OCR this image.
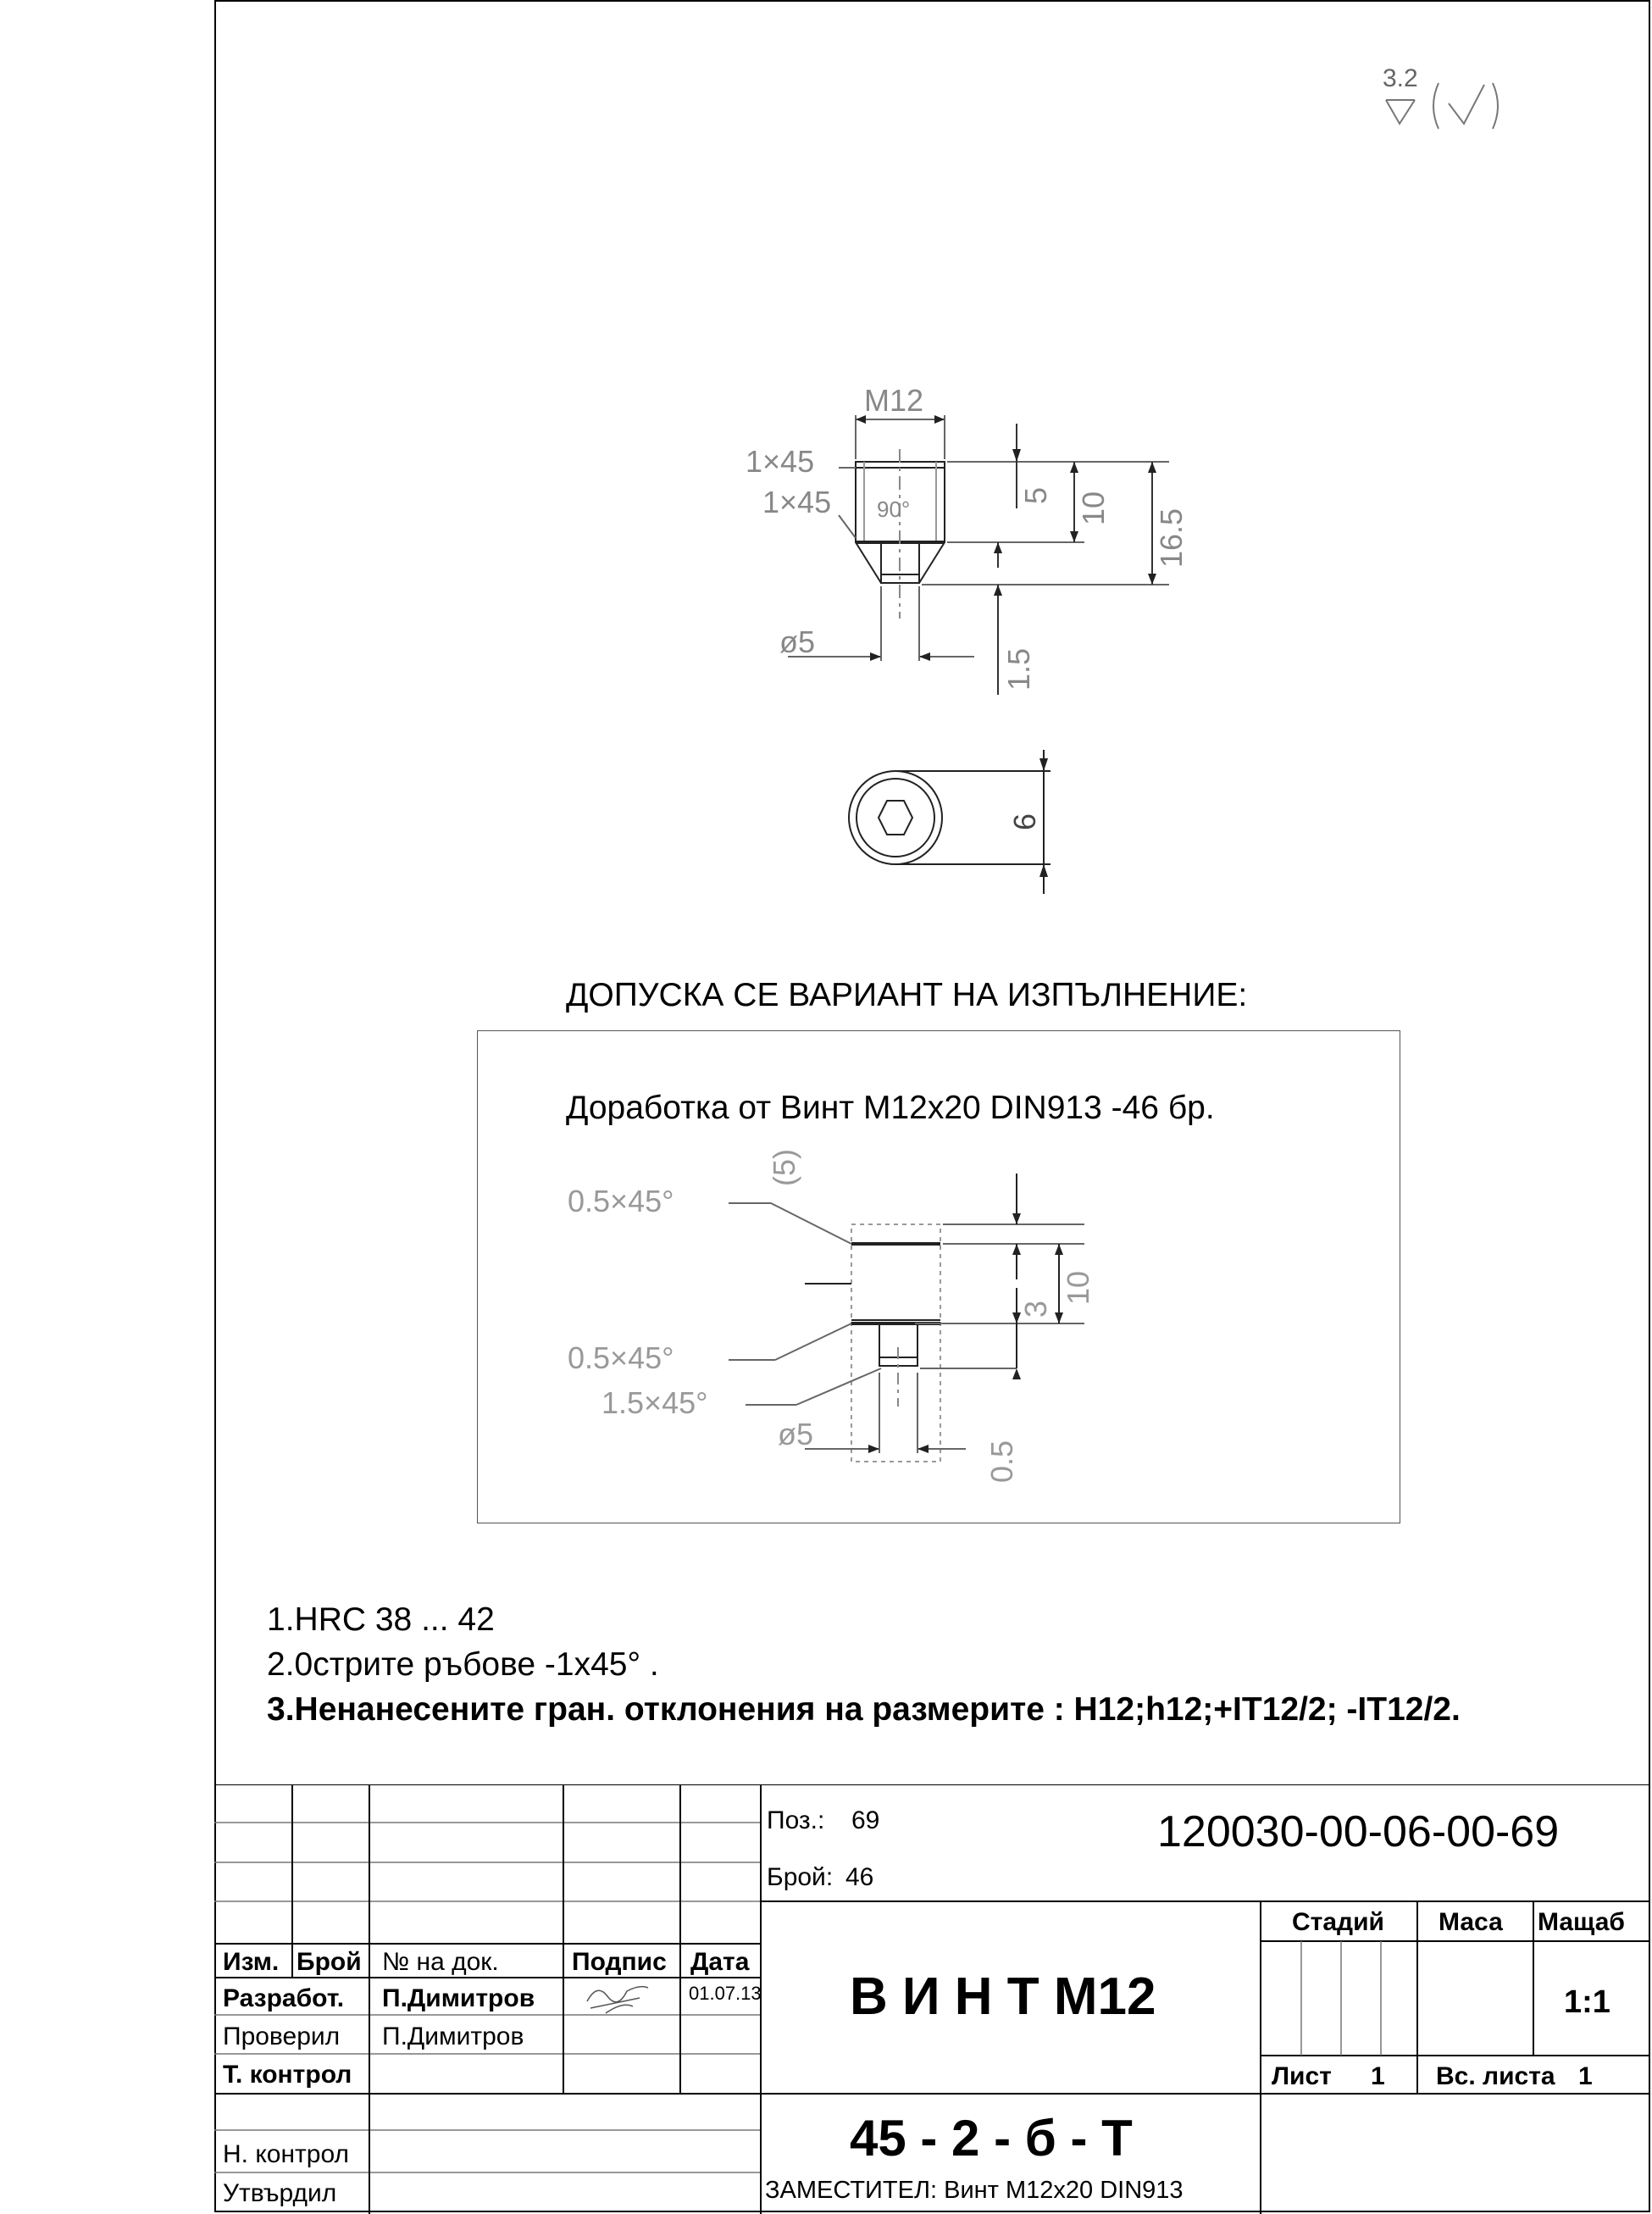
3.2
M12
1×45
1×45 90°
ø5
5 10 16.5
1.5
6
ДОПУСКА СЕ ВАРИАНТ НА ИЗПЪЛНЕНИЕ:
Доработка от Винт M12x20 DIN913 -46 бр.
0.5×45°
0.5×45°
1.5×45°
ø5
(5)
3
10
0.5
1.HRC 38 ... 42
2.0стрите ръбове -1x45° .
3.Ненанесените гран. отклонения на размерите : H12;h12;+IT12/2; -IT12/2.
Изм. Брой № на док.	Подпис Дата
Разработ. П.Димитров	01.07.13
Проверил П.Димитров
Т. контрол
Н. контрол
Утвърдил
Поз.: 69
Брой: 46
120030-00-06-00-69
В И Н Т М12
Стадий Маса Мащаб
1:1
Лист 1 Вс. листа 1
45 - 2 - б - Т
ЗАМЕСТИТЕЛ: Винт M12x20 DIN913
